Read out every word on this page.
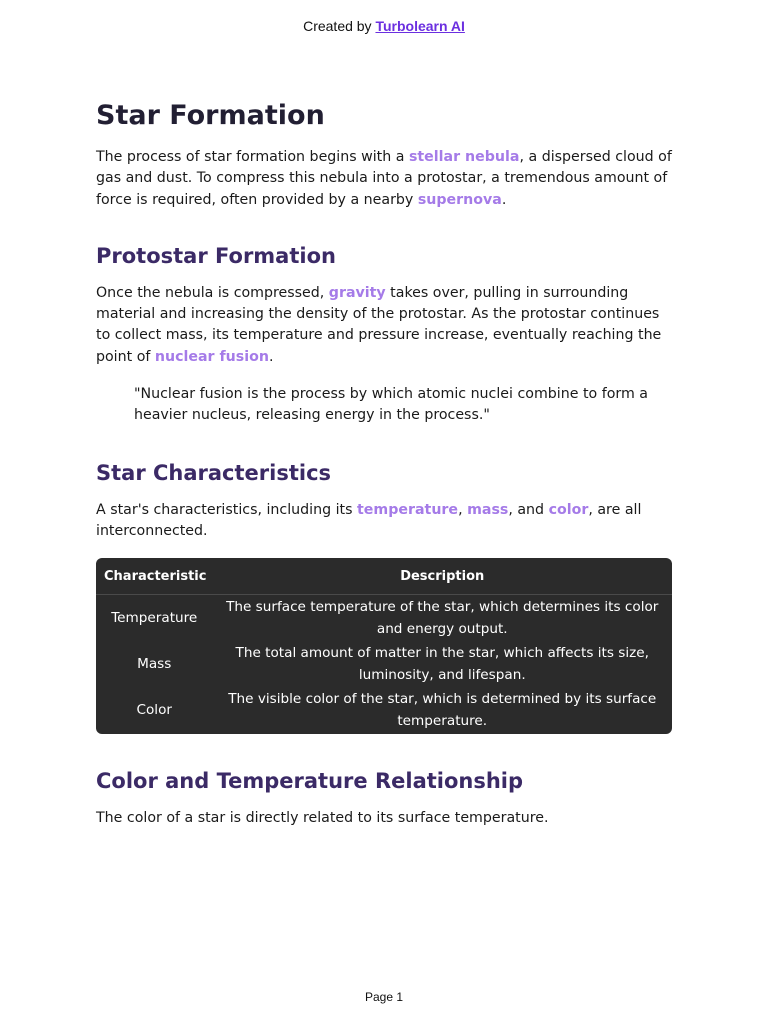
Created by Turbolearn AI
Star Formation

The process of star formation begins with a stellar nebula, a dispersed cloud of gas and dust. To compress this nebula into a protostar, a tremendous amount of force is required, often provided by a nearby supernova.

Protostar Formation

Once the nebula is compressed, gravity takes over, pulling in surrounding material and increasing the density of the protostar. As the protostar continues to collect mass, its temperature and pressure increase, eventually reaching the point of nuclear fusion.

"Nuclear fusion is the process by which atomic nuclei combine to form a heavier nucleus, releasing energy in the process."

Star Characteristics

A star's characteristics, including its temperature, mass, and color, are all interconnected.

Characteristic	Description
Temperature	The surface temperature of the star, which determines its color and energy output.
Mass	The total amount of matter in the star, which affects its size, luminosity, and lifespan.
Color	The visible color of the star, which is determined by its surface temperature.
Color and Temperature Relationship

The color of a star is directly related to its surface temperature.

Page 1
